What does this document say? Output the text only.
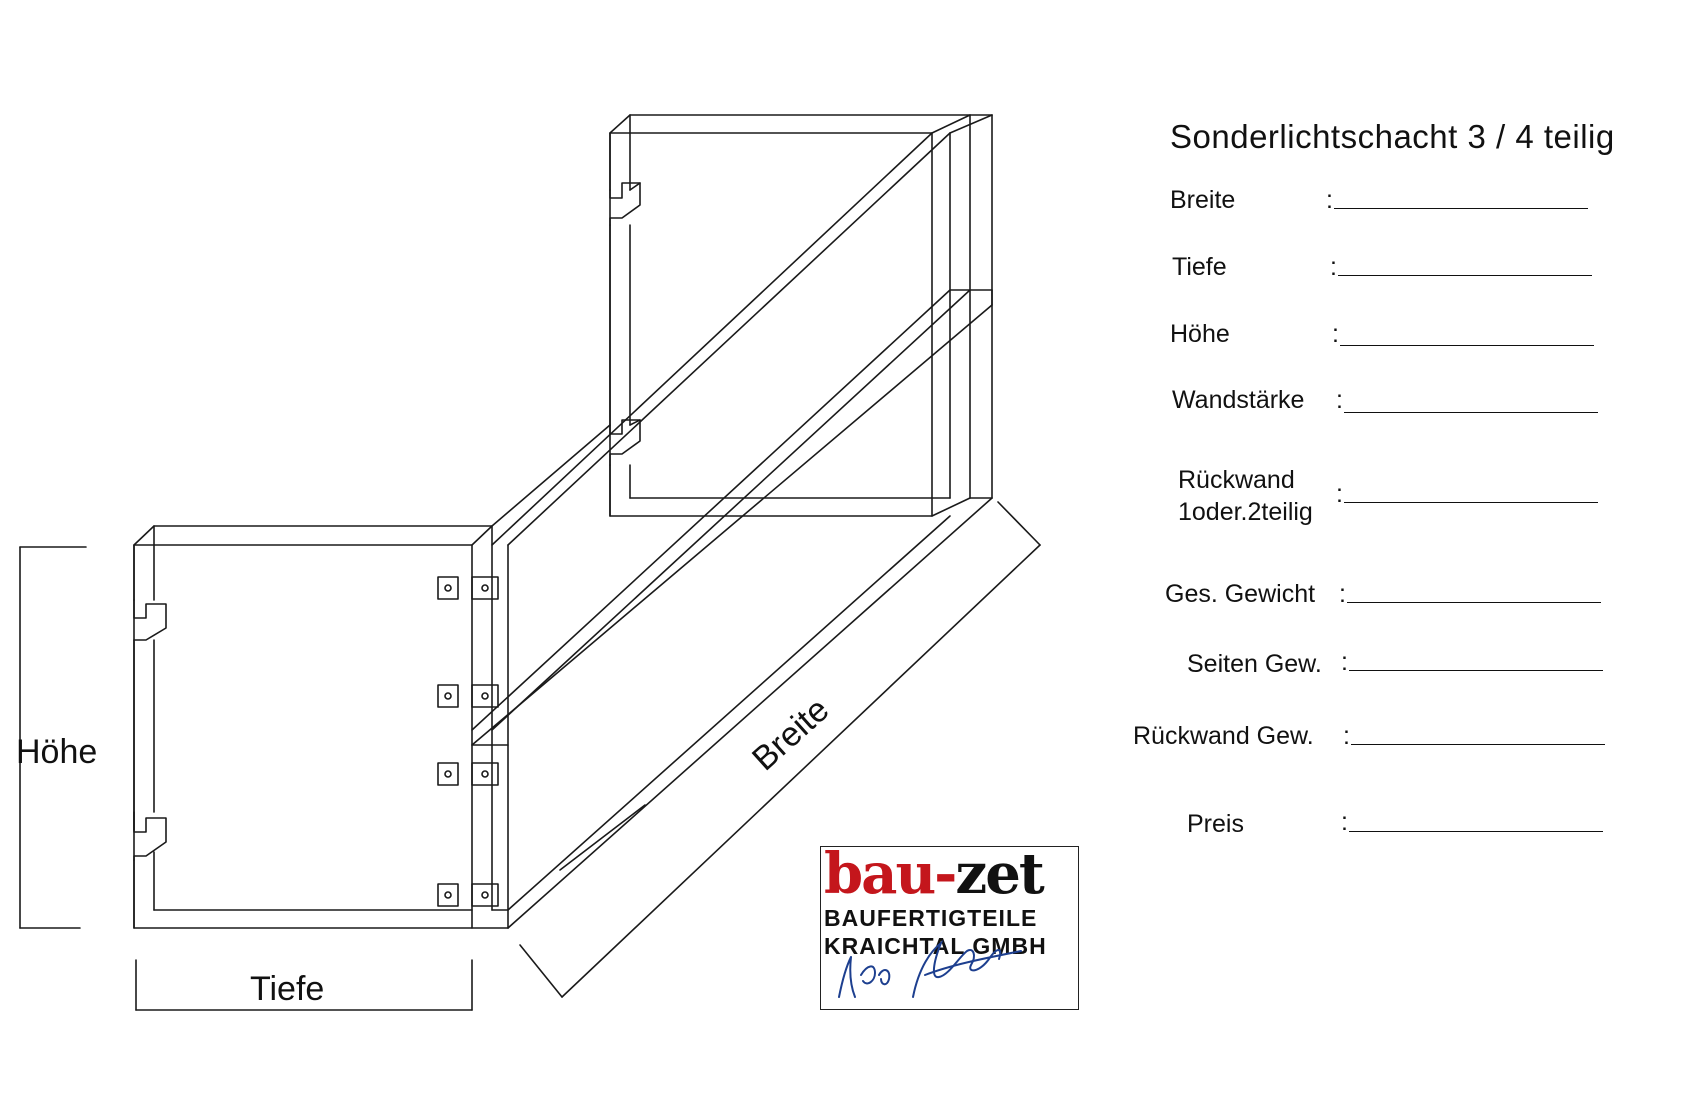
Höhe
Tiefe
Breite
Sonderlichtschacht 3 / 4 teilig
Breite	:
Tiefe	:
Höhe	:
Wandstärke :
Rückwand
1oder.2teilig
:
Ges. Gewicht :
Seiten Gew. :
Rückwand Gew. :
Preis	:
bau-zet
BAUFERTIGTEILE
KRAICHTAL GMBH
